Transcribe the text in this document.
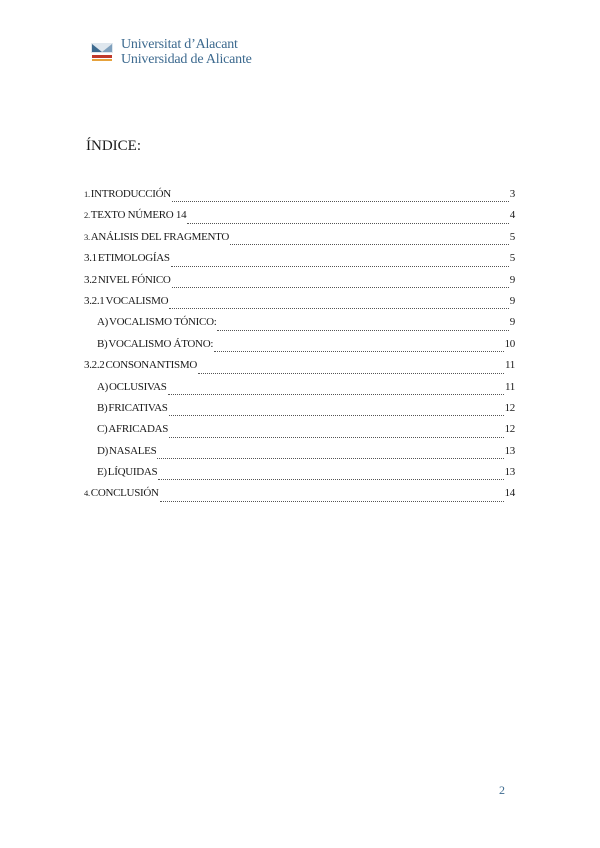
Universitat d’Alacant
Universidad de Alicante
ÍNDICE:
1. INTRODUCCIÓN	3
2. TEXTO NÚMERO 14	4
3. ANÁLISIS DEL FRAGMENTO	5
3.1 ETIMOLOGÍAS	5
3.2 NIVEL FÓNICO	9
3.2.1 VOCALISMO	9
A) VOCALISMO TÓNICO:	9
B) VOCALISMO ÁTONO:	10
3.2.2 CONSONANTISMO	11
A) OCLUSIVAS	11
B) FRICATIVAS	12
C) AFRICADAS	12
D) NASALES	13
E) LÍQUIDAS	13
4. CONCLUSIÓN	14
2
